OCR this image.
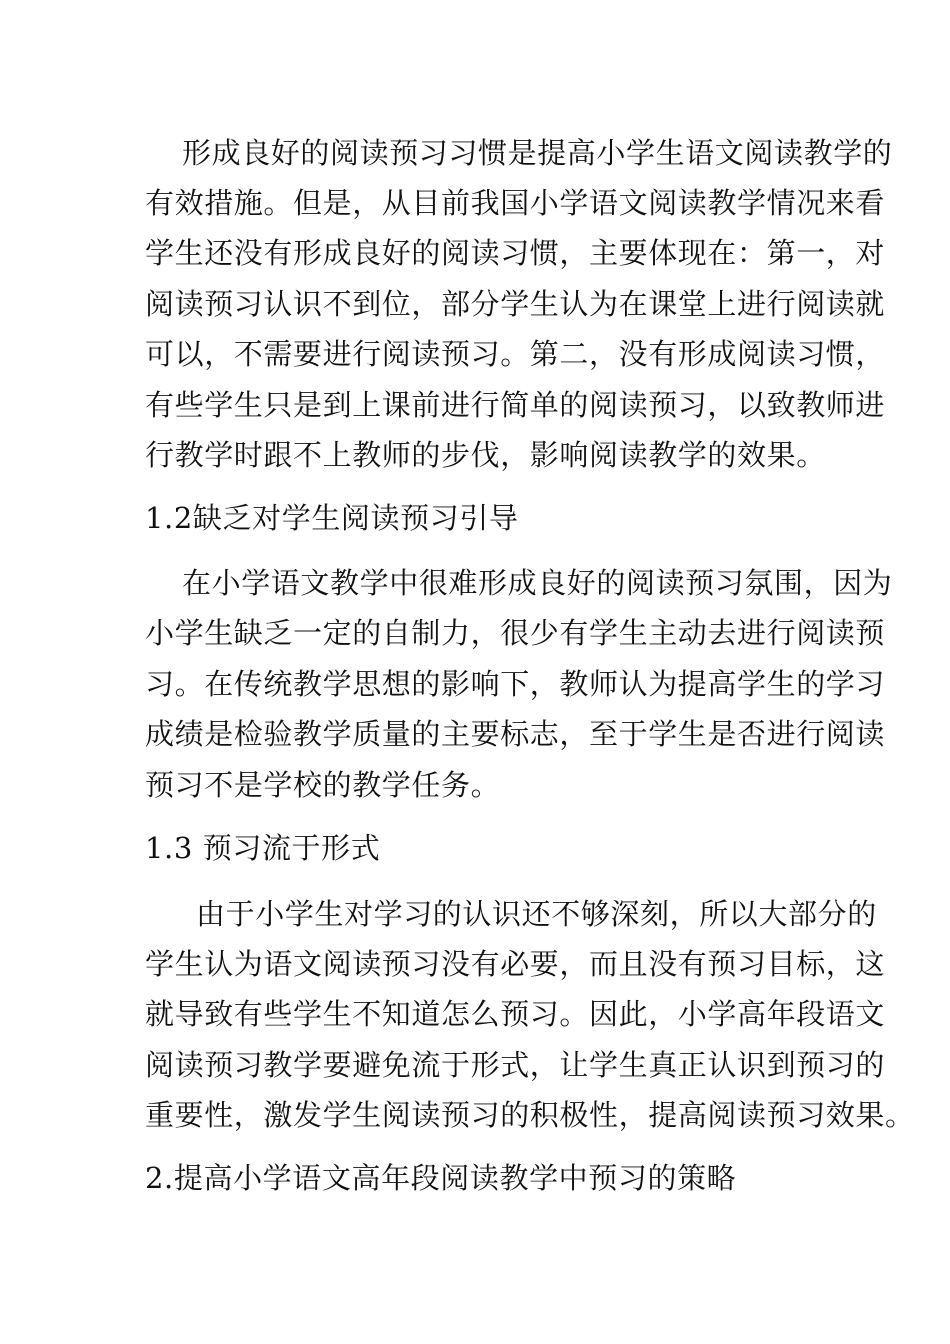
形成良好的阅读预习习惯是提高小学生语文阅读教学的
有效措施。但是，从目前我国小学语文阅读教学情况来看
学生还没有形成良好的阅读习惯，主要体现在：第一，对
阅读预习认识不到位，部分学生认为在课堂上进行阅读就
可以，不需要进行阅读预习。第二，没有形成阅读习惯，
有些学生只是到上课前进行简单的阅读预习，以致教师进
行教学时跟不上教师的步伐，影响阅读教学的效果。
1.2缺乏对学生阅读预习引导
在小学语文教学中很难形成良好的阅读预习氛围，因为
小学生缺乏一定的自制力，很少有学生主动去进行阅读预
习。在传统教学思想的影响下，教师认为提高学生的学习
成绩是检验教学质量的主要标志，至于学生是否进行阅读
预习不是学校的教学任务。
1.3 预习流于形式
由于小学生对学习的认识还不够深刻，所以大部分的
学生认为语文阅读预习没有必要，而且没有预习目标，这
就导致有些学生不知道怎么预习。因此，小学高年段语文
阅读预习教学要避免流于形式，让学生真正认识到预习的
重要性，激发学生阅读预习的积极性，提高阅读预习效果。
2.提高小学语文高年段阅读教学中预习的策略
